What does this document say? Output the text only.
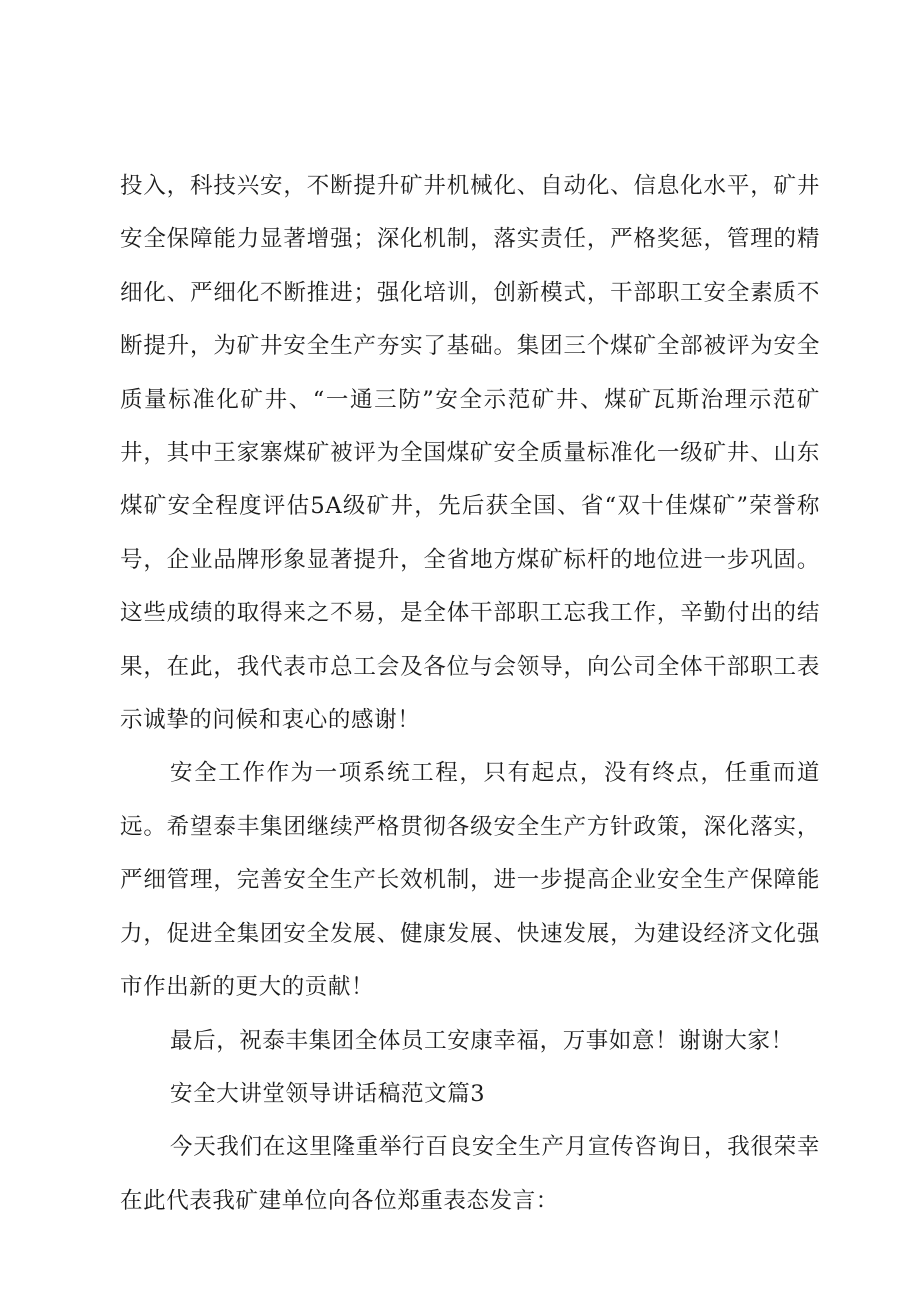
投入，科技兴安，不断提升矿井机械化、自动化、信息化水平，矿井安全保障能力显著增强；深化机制，落实责任，严格奖惩，管理的精细化、严细化不断推进；强化培训，创新模式，干部职工安全素质不断提升，为矿井安全生产夯实了基础。集团三个煤矿全部被评为安全质量标准化矿井、“一通三防”安全示范矿井、煤矿瓦斯治理示范矿井，其中王家寨煤矿被评为全国煤矿安全质量标准化一级矿井、山东煤矿安全程度评估5A级矿井，先后获全国、省“双十佳煤矿”荣誉称号，企业品牌形象显著提升，全省地方煤矿标杆的地位进一步巩固。这些成绩的取得来之不易，是全体干部职工忘我工作，辛勤付出的结果，在此，我代表市总工会及各位与会领导，向公司全体干部职工表示诚挚的问候和衷心的感谢！

安全工作作为一项系统工程，只有起点，没有终点，任重而道远。希望泰丰集团继续严格贯彻各级安全生产方针政策，深化落实，严细管理，完善安全生产长效机制，进一步提高企业安全生产保障能力，促进全集团安全发展、健康发展、快速发展，为建设经济文化强市作出新的更大的贡献！

最后，祝泰丰集团全体员工安康幸福，万事如意！谢谢大家！

安全大讲堂领导讲话稿范文篇3

今天我们在这里隆重举行百良安全生产月宣传咨询日，我很荣幸在此代表我矿建单位向各位郑重表态发言：
